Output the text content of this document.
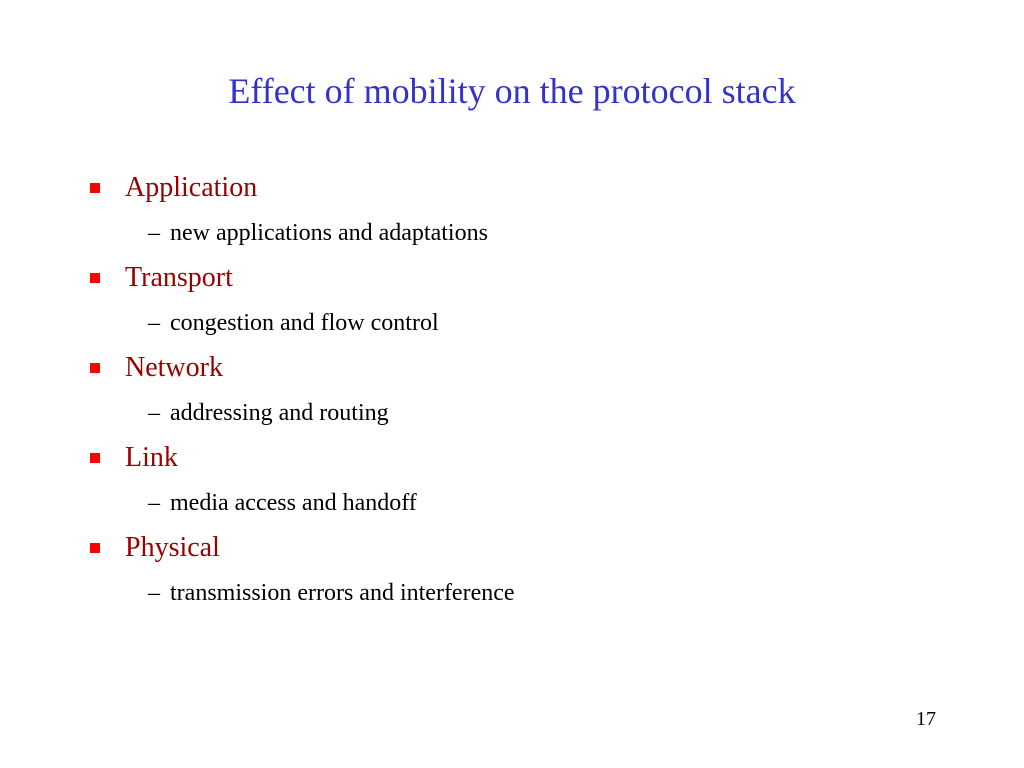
Effect of mobility on the protocol stack
Application
– new applications and adaptations
Transport
– congestion and flow control
Network
– addressing and routing
Link
– media access and handoff
Physical
– transmission errors and interference
17
